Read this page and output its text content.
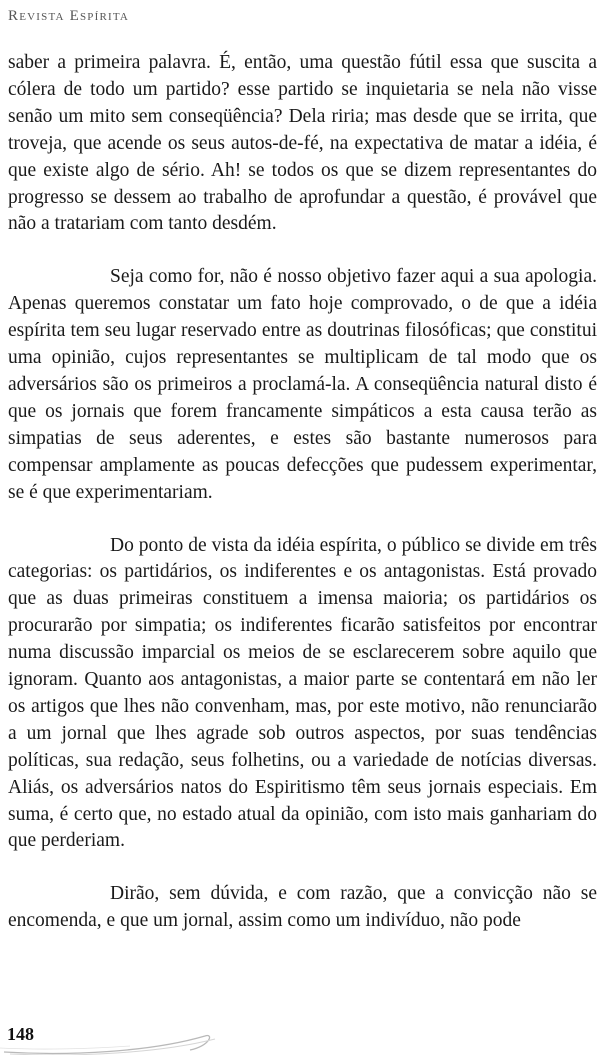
Revista Espírita

saber a primeira palavra. É, então, uma questão fútil essa que suscita a cólera de todo um partido? esse partido se inquietaria se nela não visse senão um mito sem conseqüência? Dela riria; mas desde que se irrita, que troveja, que acende os seus autos-de-fé, na expectativa de matar a idéia, é que existe algo de sério. Ah! se todos os que se dizem representantes do progresso se dessem ao trabalho de aprofundar a questão, é provável que não a tratariam com tanto desdém.

Seja como for, não é nosso objetivo fazer aqui a sua apologia. Apenas queremos constatar um fato hoje comprovado, o de que a idéia espírita tem seu lugar reservado entre as doutrinas filosóficas; que constitui uma opinião, cujos representantes se multiplicam de tal modo que os adversários são os primeiros a proclamá-la. A conseqüência natural disto é que os jornais que forem francamente simpáticos a esta causa terão as simpatias de seus aderentes, e estes são bastante numerosos para compensar amplamente as poucas defecções que pudessem experimentar, se é que experimentariam.

Do ponto de vista da idéia espírita, o público se divide em três categorias: os partidários, os indiferentes e os antagonistas. Está provado que as duas primeiras constituem a imensa maioria; os partidários os procurarão por simpatia; os indiferentes ficarão satisfeitos por encontrar numa discussão imparcial os meios de se esclarecerem sobre aquilo que ignoram. Quanto aos antagonistas, a maior parte se contentará em não ler os artigos que lhes não convenham, mas, por este motivo, não renunciarão a um jornal que lhes agrade sob outros aspectos, por suas tendências políticas, sua redação, seus folhetins, ou a variedade de notícias diversas. Aliás, os adversários natos do Espiritismo têm seus jornais especiais. Em suma, é certo que, no estado atual da opinião, com isto mais ganhariam do que perderiam.

Dirão, sem dúvida, e com razão, que a convicção não se encomenda, e que um jornal, assim como um indivíduo, não pode

148
